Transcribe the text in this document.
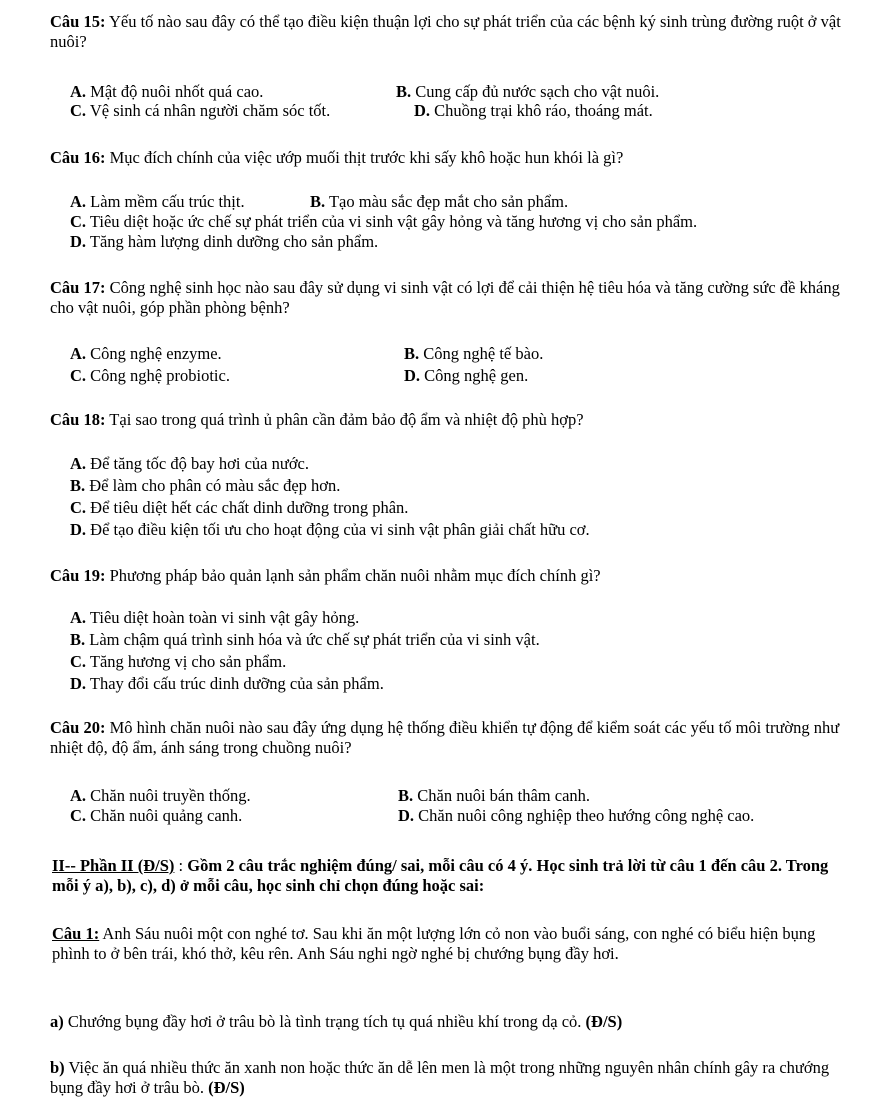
Câu 15: Yếu tố nào sau đây có thể tạo điều kiện thuận lợi cho sự phát triển của các bệnh ký sinh trùng đường ruột ở vật nuôi?
A. Mật độ nuôi nhốt quá cao.	B. Cung cấp đủ nước sạch cho vật nuôi.
C. Vệ sinh cá nhân người chăm sóc tốt.	D. Chuồng trại khô ráo, thoáng mát.
Câu 16: Mục đích chính của việc ướp muối thịt trước khi sấy khô hoặc hun khói là gì?
A. Làm mềm cấu trúc thịt.	B. Tạo màu sắc đẹp mắt cho sản phẩm.
C. Tiêu diệt hoặc ức chế sự phát triển của vi sinh vật gây hỏng và tăng hương vị cho sản phẩm.
D. Tăng hàm lượng dinh dưỡng cho sản phẩm.
Câu 17: Công nghệ sinh học nào sau đây sử dụng vi sinh vật có lợi để cải thiện hệ tiêu hóa và tăng cường sức đề kháng cho vật nuôi, góp phần phòng bệnh?
A. Công nghệ enzyme.	B. Công nghệ tế bào.
C. Công nghệ probiotic.	D. Công nghệ gen.
Câu 18: Tại sao trong quá trình ủ phân cần đảm bảo độ ẩm và nhiệt độ phù hợp?
A. Để tăng tốc độ bay hơi của nước.
B. Để làm cho phân có màu sắc đẹp hơn.
C. Để tiêu diệt hết các chất dinh dưỡng trong phân.
D. Để tạo điều kiện tối ưu cho hoạt động của vi sinh vật phân giải chất hữu cơ.
Câu 19: Phương pháp bảo quản lạnh sản phẩm chăn nuôi nhằm mục đích chính gì?
A. Tiêu diệt hoàn toàn vi sinh vật gây hỏng.
B. Làm chậm quá trình sinh hóa và ức chế sự phát triển của vi sinh vật.
C. Tăng hương vị cho sản phẩm.
D. Thay đổi cấu trúc dinh dưỡng của sản phẩm.
Câu 20: Mô hình chăn nuôi nào sau đây ứng dụng hệ thống điều khiển tự động để kiểm soát các yếu tố môi trường như nhiệt độ, độ ẩm, ánh sáng trong chuồng nuôi?
A. Chăn nuôi truyền thống.	B. Chăn nuôi bán thâm canh.
C. Chăn nuôi quảng canh.	D. Chăn nuôi công nghiệp theo hướng công nghệ cao.
II-- Phần II (Đ/S) : Gồm 2 câu trắc nghiệm đúng/ sai, mỗi câu có 4 ý. Học sinh trả lời từ câu 1 đến câu 2. Trong mỗi ý a), b), c), d) ở mỗi câu, học sinh chỉ chọn đúng hoặc sai:
Câu 1: Anh Sáu nuôi một con nghé tơ. Sau khi ăn một lượng lớn cỏ non vào buổi sáng, con nghé có biểu hiện bụng phình to ở bên trái, khó thở, kêu rên. Anh Sáu nghi ngờ nghé bị chướng bụng đầy hơi.
a) Chướng bụng đầy hơi ở trâu bò là tình trạng tích tụ quá nhiều khí trong dạ cỏ. (Đ/S)
b) Việc ăn quá nhiều thức ăn xanh non hoặc thức ăn dễ lên men là một trong những nguyên nhân chính gây ra chướng bụng đầy hơi ở trâu bò. (Đ/S)
